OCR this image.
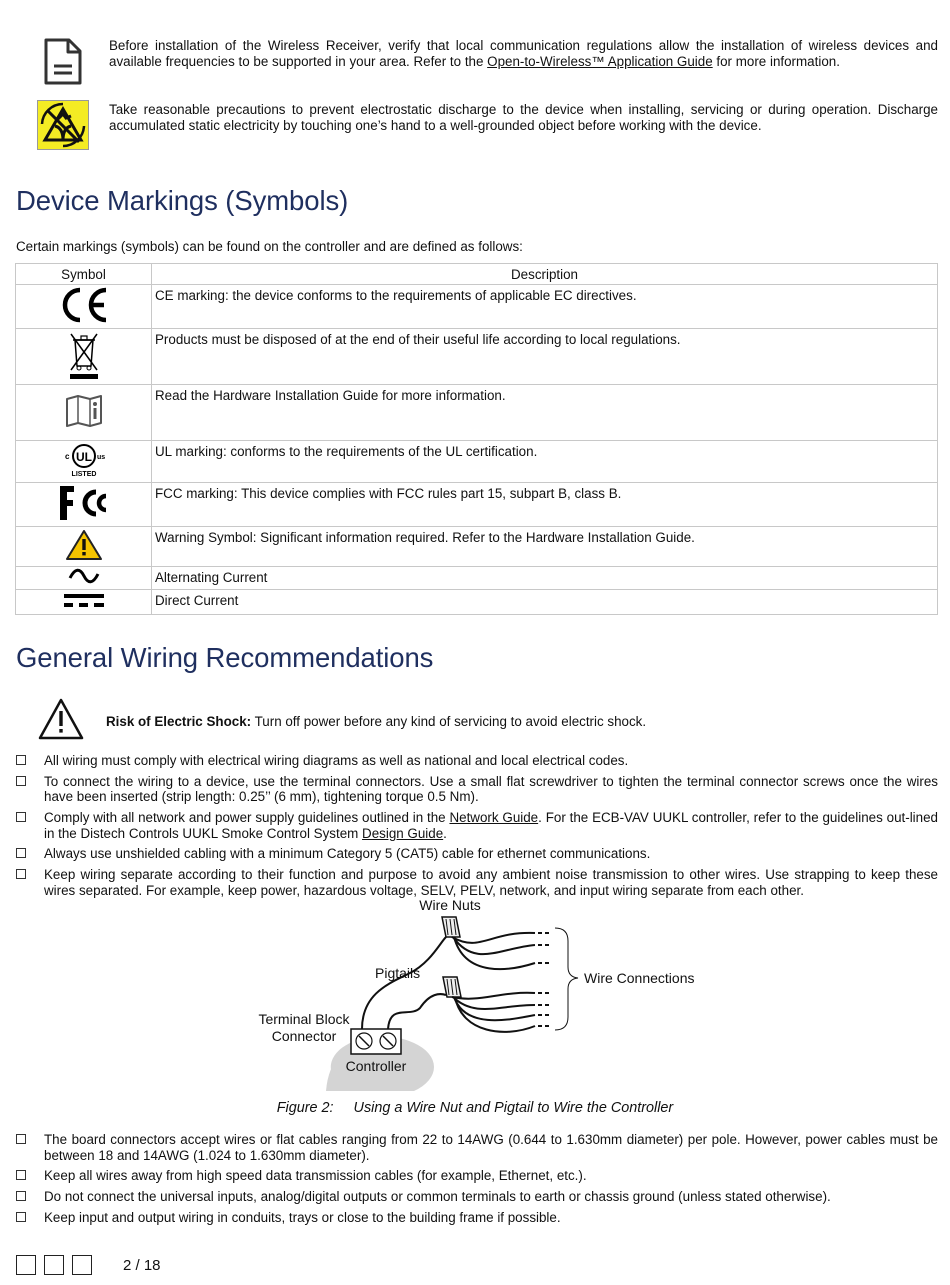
Before installation of the Wireless Receiver, verify that local communication regulations allow the installation of wireless devices and available frequencies to be supported in your area. Refer to the Open-to-Wireless™ Application Guide for more information.
Take reasonable precautions to prevent electrostatic discharge to the device when installing, servicing or during operation. Discharge accumulated static electricity by touching one’s hand to a well-grounded object before working with the device.
Device Markings (Symbols)
Certain markings (symbols) can be found on the controller and are defined as follows:
Symbol	Description
	CE marking: the device conforms to the requirements of applicable EC directives.
	Products must be disposed of at the end of their useful life according to local regulations.
	Read the Hardware Installation Guide for more information.

UL
c us
LISTED	UL marking: conforms to the requirements of the UL certification.
	FCC marking: This device complies with FCC rules part 15, subpart B, class B.
	Warning Symbol: Significant information required. Refer to the Hardware Installation Guide.
	Alternating Current
	Direct Current
General Wiring Recommendations
Risk of Electric Shock: Turn off power before any kind of servicing to avoid electric shock.
All wiring must comply with electrical wiring diagrams as well as national and local electrical codes.
To connect the wiring to a device, use the terminal connectors. Use a small flat screwdriver to tighten the terminal connector screws once the wires have been inserted (strip length: 0.25’’ (6 mm), tightening torque 0.5 Nm).
Comply with all network and power supply guidelines outlined in the Network Guide. For the ECB-VAV UUKL controller, refer to the guidelines out-lined in the Distech Controls UUKL Smoke Control System Design Guide.
Always use unshielded cabling with a minimum Category 5 (CAT5) cable for ethernet communications.
Keep wiring separate according to their function and purpose to avoid any ambient noise transmission to other wires. Use strapping to keep these wires separated. For example, keep power, hazardous voltage, SELV, PELV, network, and input wiring separate from each other.
Wire Nuts
Pigtails	Wire Connections
Terminal Block
Connector
Controller
Figure 2:     Using a Wire Nut and Pigtail to Wire the Controller
The board connectors accept wires or flat cables ranging from 22 to 14AWG (0.644 to 1.630mm diameter) per pole. However, power cables must be between 18 and 14AWG (1.024 to 1.630mm diameter).
Keep all wires away from high speed data transmission cables (for example, Ethernet, etc.).
Do not connect the universal inputs, analog/digital outputs or common terminals to earth or chassis ground (unless stated otherwise).
Keep input and output wiring in conduits, trays or close to the building frame if possible.
2 / 18
